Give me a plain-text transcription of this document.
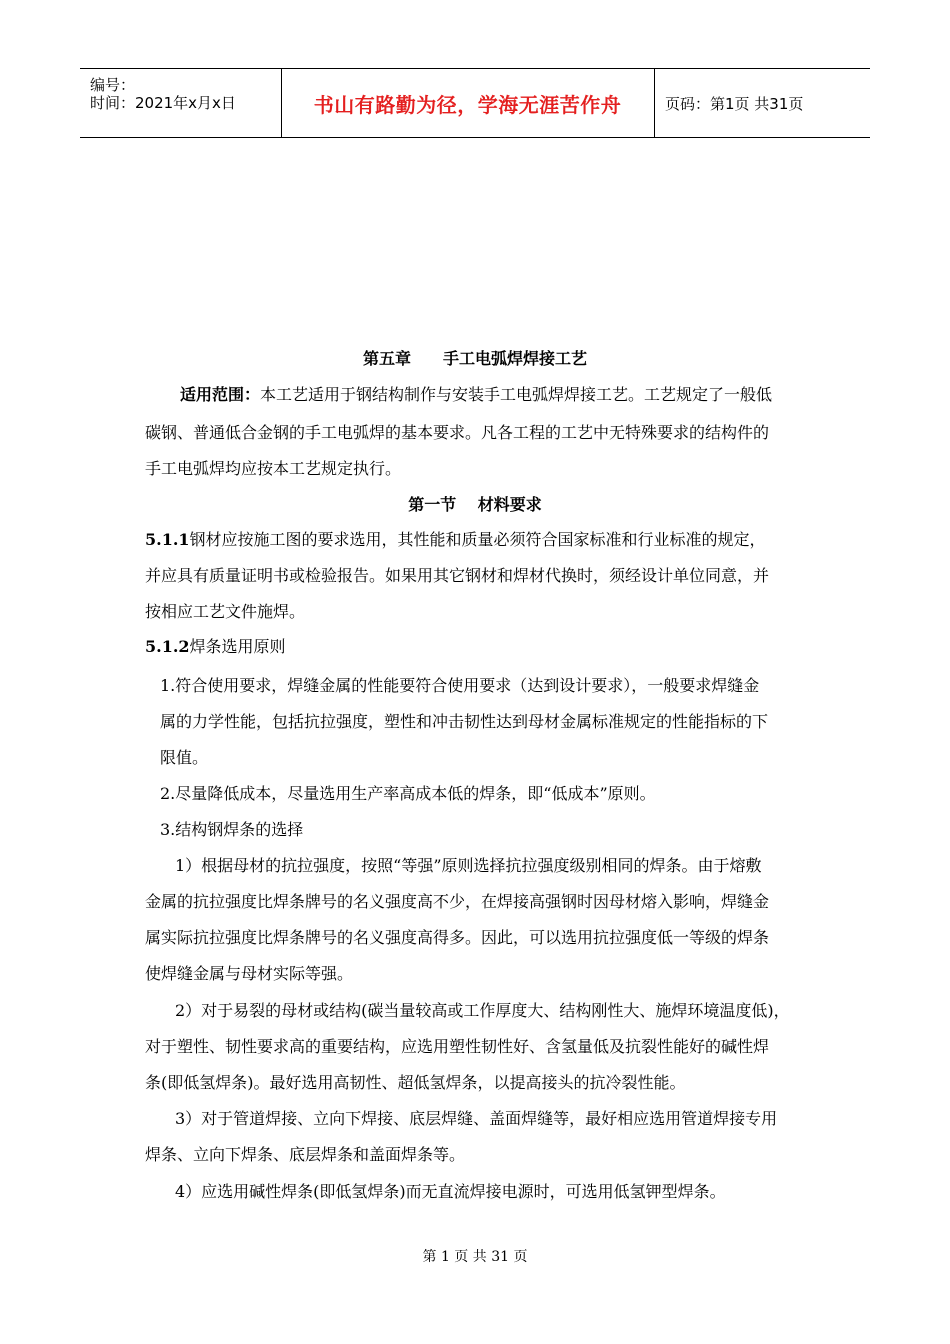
编号：
时间：2021年x月x日	书山有路勤为径，学海无涯苦作舟	页码：第1页 共31页
第五章　　手工电弧焊焊接工艺
适用范围：本工艺适用于钢结构制作与安装手工电弧焊焊接工艺。工艺规定了一般低
碳钢、普通低合金钢的手工电弧焊的基本要求。凡各工程的工艺中无特殊要求的结构件的
手工电弧焊均应按本工艺规定执行。
第一节　 材料要求
5.1.1钢材应按施工图的要求选用，其性能和质量必须符合国家标准和行业标准的规定，
并应具有质量证明书或检验报告。如果用其它钢材和焊材代换时，须经设计单位同意，并
按相应工艺文件施焊。
5.1.2焊条选用原则
1.符合使用要求，焊缝金属的性能要符合使用要求（达到设计要求），一般要求焊缝金
属的力学性能，包括抗拉强度，塑性和冲击韧性达到母材金属标准规定的性能指标的下
限值。
2.尽量降低成本，尽量选用生产率高成本低的焊条，即“低成本”原则。
3.结构钢焊条的选择
1）根据母材的抗拉强度，按照“等强”原则选择抗拉强度级别相同的焊条。由于熔敷
金属的抗拉强度比焊条牌号的名义强度高不少，在焊接高强钢时因母材熔入影响，焊缝金
属实际抗拉强度比焊条牌号的名义强度高得多。因此，可以选用抗拉强度低一等级的焊条
使焊缝金属与母材实际等强。
2）对于易裂的母材或结构(碳当量较高或工作厚度大、结构刚性大、施焊环境温度低)，
对于塑性、韧性要求高的重要结构，应选用塑性韧性好、含氢量低及抗裂性能好的碱性焊
条(即低氢焊条)。最好选用高韧性、超低氢焊条，以提高接头的抗冷裂性能。
3）对于管道焊接、立向下焊接、底层焊缝、盖面焊缝等，最好相应选用管道焊接专用
焊条、立向下焊条、底层焊条和盖面焊条等。
4）应选用碱性焊条(即低氢焊条)而无直流焊接电源时，可选用低氢钾型焊条。
第 1 页 共 31 页
